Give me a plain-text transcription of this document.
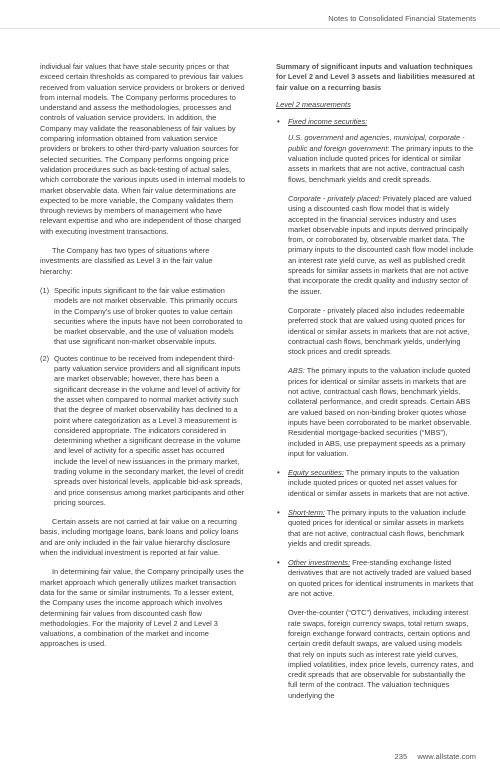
Notes to Consolidated Financial Statements

individual fair values that have stale security prices or that exceed certain thresholds as compared to previous fair values received from valuation service providers or brokers or derived from internal models. The Company performs procedures to understand and assess the methodologies, processes and controls of valuation service providers. In addition, the Company may validate the reasonableness of fair values by comparing information obtained from valuation service providers or brokers to other third-party valuation sources for selected securities. The Company performs ongoing price validation procedures such as back-testing of actual sales, which corroborate the various inputs used in internal models to market observable data. When fair value determinations are expected to be more variable, the Company validates them through reviews by members of management who have relevant expertise and who are independent of those charged with executing investment transactions.

The Company has two types of situations where investments are classified as Level 3 in the fair value hierarchy:

(1) Specific inputs significant to the fair value estimation models are not market observable. This primarily occurs in the Company’s use of broker quotes to value certain securities where the inputs have not been corroborated to be market observable, and the use of valuation models that use significant non-market observable inputs.
(2) Quotes continue to be received from independent third-party valuation service providers and all significant inputs are market observable; however, there has been a significant decrease in the volume and level of activity for the asset when compared to normal market activity such that the degree of market observability has declined to a point where categorization as a Level 3 measurement is considered appropriate. The indicators considered in determining whether a significant decrease in the volume and level of activity for a specific asset has occurred include the level of new issuances in the primary market, trading volume in the secondary market, the level of credit spreads over historical levels, applicable bid-ask spreads, and price consensus among market participants and other pricing sources.

Certain assets are not carried at fair value on a recurring basis, including mortgage loans, bank loans and policy loans and are only included in the fair value hierarchy disclosure when the individual investment is reported at fair value.

In determining fair value, the Company principally uses the market approach which generally utilizes market transaction data for the same or similar instruments. To a lesser extent, the Company uses the income approach which involves determining fair values from discounted cash flow methodologies. For the majority of Level 2 and Level 3 valuations, a combination of the market and income approaches is used.

Summary of significant inputs and valuation techniques for Level 2 and Level 3 assets and liabilities measured at fair value on a recurring basis

Level 2 measurements

• Fixed income securities:

U.S. government and agencies, municipal, corporate - public and foreign government: The primary inputs to the valuation include quoted prices for identical or similar assets in markets that are not active, contractual cash flows, benchmark yields and credit spreads.

Corporate - privately placed: Privately placed are valued using a discounted cash flow model that is widely accepted in the financial services industry and uses market observable inputs and inputs derived principally from, or corroborated by, observable market data. The primary inputs to the discounted cash flow model include an interest rate yield curve, as well as published credit spreads for similar assets in markets that are not active that incorporate the credit quality and industry sector of the issuer.

Corporate - privately placed also includes redeemable preferred stock that are valued using quoted prices for identical or similar assets in markets that are not active, contractual cash flows, benchmark yields, underlying stock prices and credit spreads.

ABS: The primary inputs to the valuation include quoted prices for identical or similar assets in markets that are not active, contractual cash flows, benchmark yields, collateral performance, and credit spreads. Certain ABS are valued based on non-binding broker quotes whose inputs have been corroborated to be market observable. Residential mortgage-backed securities (“MBS”), included in ABS, use prepayment speeds as a primary input for valuation.

• Equity securities: The primary inputs to the valuation include quoted prices or quoted net asset values for identical or similar assets in markets that are not active.

• Short-term: The primary inputs to the valuation include quoted prices for identical or similar assets in markets that are not active, contractual cash flows, benchmark yields and credit spreads.

• Other investments: Free-standing exchange listed derivatives that are not actively traded are valued based on quoted prices for identical instruments in markets that are not active.

Over-the-counter (“OTC”) derivatives, including interest rate swaps, foreign currency swaps, total return swaps, foreign exchange forward contracts, certain options and certain credit default swaps, are valued using models that rely on inputs such as interest rate yield curves, implied volatilities, index price levels, currency rates, and credit spreads that are observable for substantially the full term of the contract. The valuation techniques underlying the

235 www.allstate.com
